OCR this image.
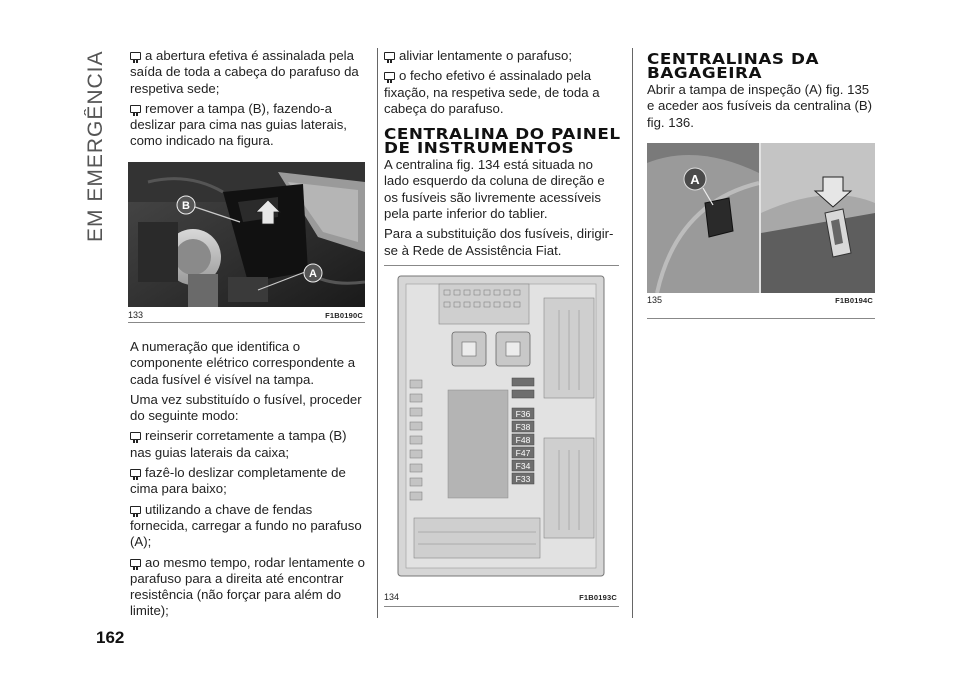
EM EMERGÊNCIA
162

a abertura efetiva é assinalada pela saída de toda a cabeça do parafuso da respetiva sede;

remover a tampa (B), fazendo-a deslizar para cima nas guias laterais, como indicado na figura.

B
A
133	F1B0190C

A numeração que identifica o componente elétrico correspondente a cada fusível é visível na tampa.

Uma vez substituído o fusível, proceder do seguinte modo:

reinserir corretamente a tampa (B) nas guias laterais da caixa;

fazê-lo deslizar completamente de cima para baixo;

utilizando a chave de fendas fornecida, carregar a fundo no parafuso (A);

ao mesmo tempo, rodar lentamente o parafuso para a direita até encontrar resistência (não forçar para além do limite);

aliviar lentamente o parafuso;

o fecho efetivo é assinalado pela fixação, na respetiva sede, de toda a cabeça do parafuso.

CENTRALINA DO PAINEL DE INSTRUMENTOS

A centralina fig. 134 está situada no lado esquerdo da coluna de direção e os fusíveis são livremente acessíveis pela parte inferior do tablier.

Para a substituição dos fusíveis, dirigir-se à Rede de Assistência Fiat.

F36
F38
F48
F47
F34
F33
134	F1B0193C
CENTRALINAS DA BAGAGEIRA

Abrir a tampa de inspeção (A) fig. 135 e aceder aos fusíveis da centralina (B) fig. 136.

A
135	F1B0194C
